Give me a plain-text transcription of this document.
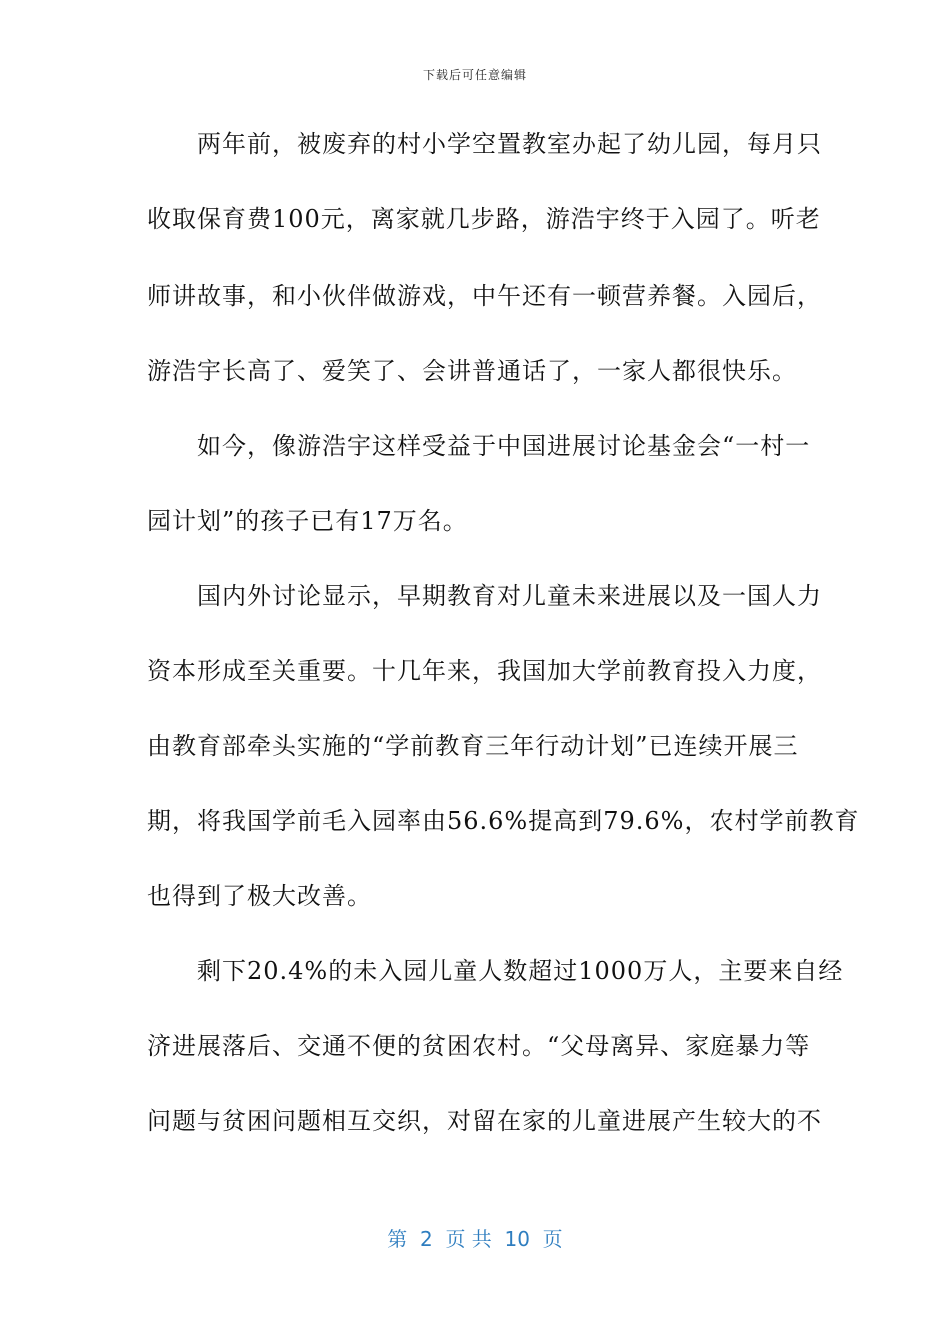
下载后可任意编辑
　　两年前，被废弃的村小学空置教室办起了幼儿园，每月只
收取保育费100元，离家就几步路，游浩宇终于入园了。听老
师讲故事，和小伙伴做游戏，中午还有一顿营养餐。入园后，
游浩宇长高了、爱笑了、会讲普通话了，一家人都很快乐。
　　如今，像游浩宇这样受益于中国进展讨论基金会“一村一
园计划”的孩子已有17万名。
　　国内外讨论显示，早期教育对儿童未来进展以及一国人力
资本形成至关重要。十几年来，我国加大学前教育投入力度，
由教育部牵头实施的“学前教育三年行动计划”已连续开展三
期，将我国学前毛入园率由56.6%提高到79.6%，农村学前教育
也得到了极大改善。
　　剩下20.4%的未入园儿童人数超过1000万人，主要来自经
济进展落后、交通不便的贫困农村。“父母离异、家庭暴力等
问题与贫困问题相互交织，对留在家的儿童进展产生较大的不
第  2  页 共  10  页
